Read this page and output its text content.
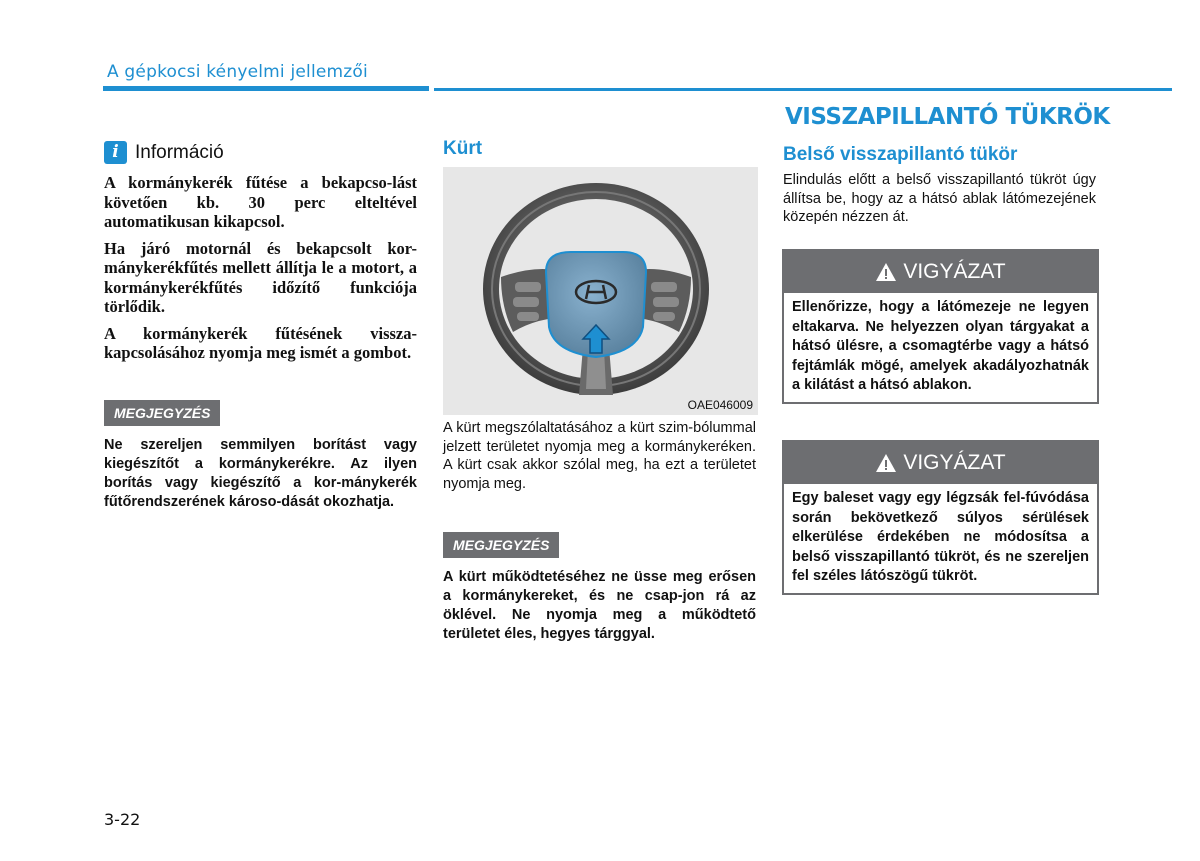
A gépkocsi kényelmi jellemzői
VISSZAPILLANTÓ TÜKRÖK
i Információ

A kormánykerék fűtése a bekapcso-lást követően kb. 30 perc elteltével automatikusan kikapcsol.

Ha járó motornál és bekapcsolt kor-mánykerékfűtés mellett állítja le a motort, a kormánykerékfűtés időzítő funkciója törlődik.

A kormánykerék fűtésének vissza-kapcsolásához nyomja meg ismét a gombot.

MEGJEGYZÉS

Ne szereljen semmilyen borítást vagy kiegészítőt a kormánykerékre. Az ilyen borítás vagy kiegészítő a kor-mánykerék fűtőrendszerének károso-dását okozhatja.

Kürt
OAE046009

A kürt megszólaltatásához a kürt szim-bólummal jelzett területet nyomja meg a kormánykeréken. A kürt csak akkor szólal meg, ha ezt a területet nyomja meg.

MEGJEGYZÉS

A kürt működtetéséhez ne üsse meg erősen a kormánykereket, és ne csap-jon rá az öklével. Ne nyomja meg a működtető területet éles, hegyes tárggyal.

Belső visszapillantó tükör

Elindulás előtt a belső visszapillantó tükröt úgy állítsa be, hogy az a hátsó ablak látómezejének közepén nézzen át.

VIGYÁZAT
Ellenőrizze, hogy a látómezeje ne legyen eltakarva. Ne helyezzen olyan tárgyakat a hátsó ülésre, a csomagtérbe vagy a hátsó fejtámlák mögé, amelyek akadályozhatnák a kilátást a hátsó ablakon.
VIGYÁZAT
Egy baleset vagy egy légzsák fel-fúvódása során bekövetkező súlyos sérülések elkerülése érdekében ne módosítsa a belső visszapillantó tükröt, és ne szereljen fel széles látószögű tükröt.
3-22
